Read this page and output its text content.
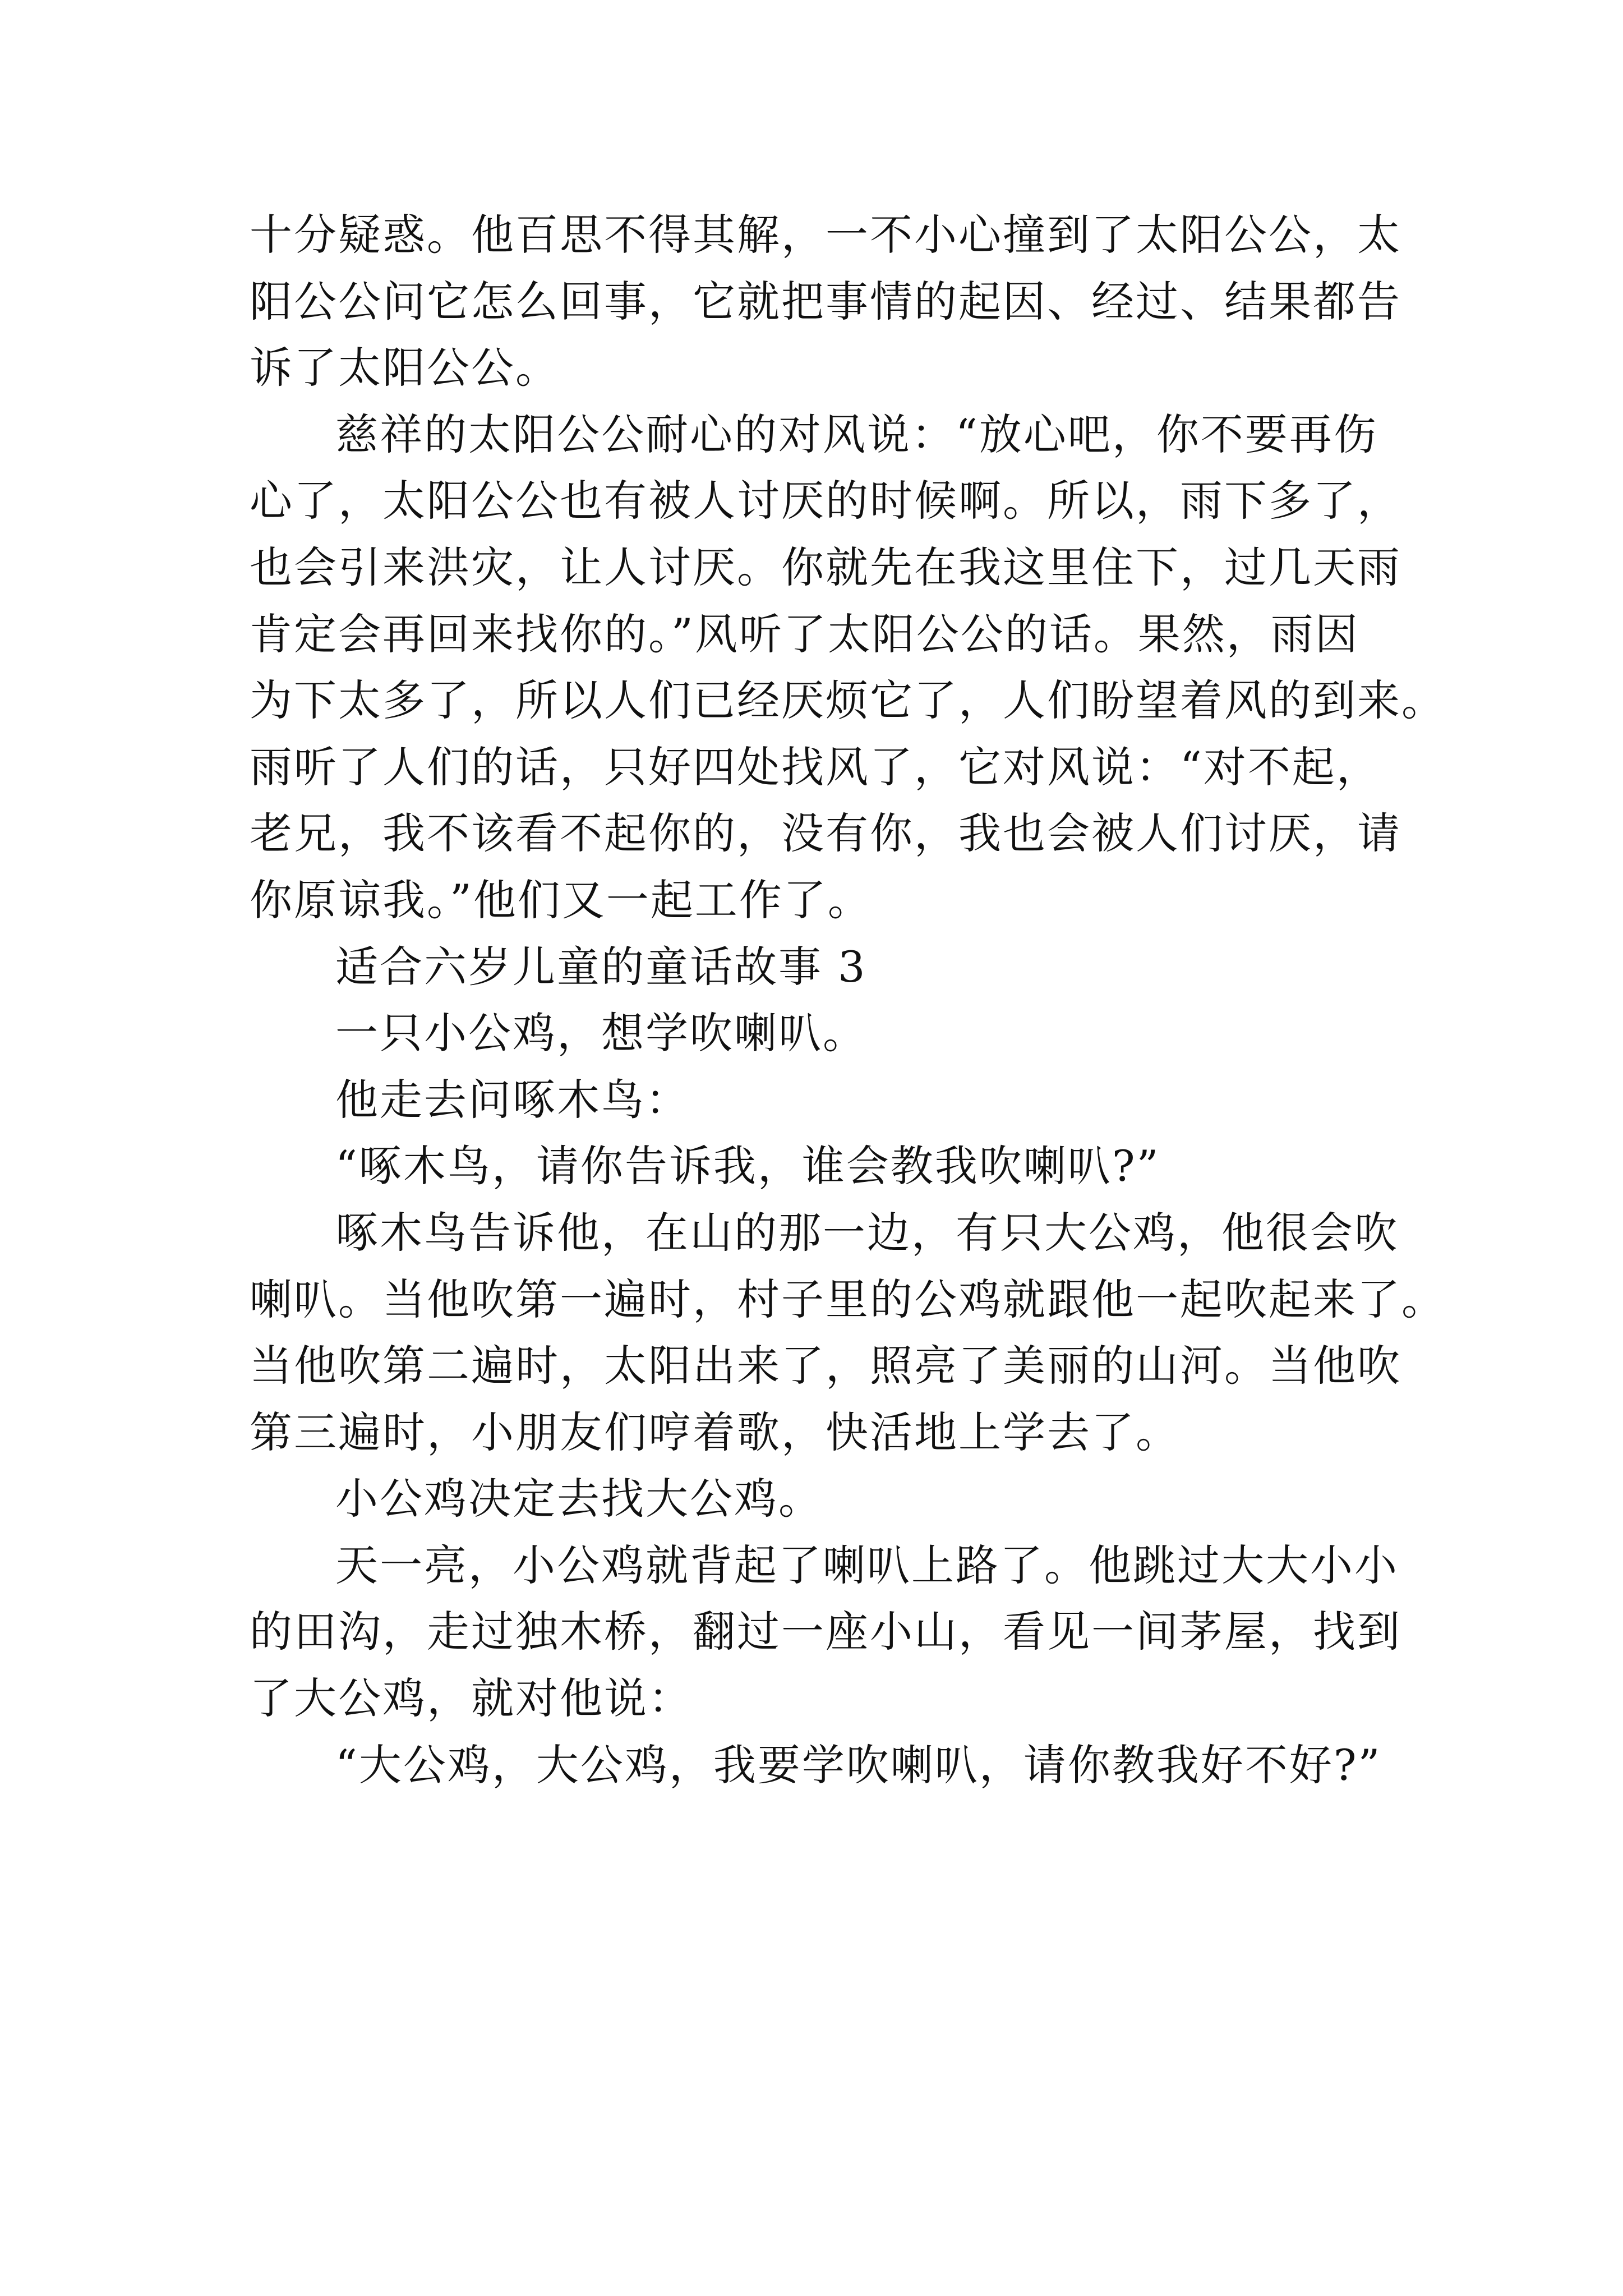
十分疑惑。他百思不得其解，一不小心撞到了太阳公公，太
阳公公问它怎么回事，它就把事情的起因、经过、结果都告
诉了太阳公公。
慈祥的太阳公公耐心的对风说：“放心吧，你不要再伤
心了，太阳公公也有被人讨厌的时候啊。所以，雨下多了，
也会引来洪灾，让人讨厌。你就先在我这里住下，过几天雨
肯定会再回来找你的。”风听了太阳公公的话。果然，雨因
为下太多了，所以人们已经厌烦它了，人们盼望着风的到来。
雨听了人们的话，只好四处找风了，它对风说：“对不起，
老兄，我不该看不起你的，没有你，我也会被人们讨厌，请
你原谅我。”他们又一起工作了。
适合六岁儿童的童话故事 3
一只小公鸡，想学吹喇叭。
他走去问啄木鸟：
“啄木鸟，请你告诉我，谁会教我吹喇叭?”
啄木鸟告诉他，在山的那一边，有只大公鸡，他很会吹
喇叭。当他吹第一遍时，村子里的公鸡就跟他一起吹起来了。
当他吹第二遍时，太阳出来了，照亮了美丽的山河。当他吹
第三遍时，小朋友们哼着歌，快活地上学去了。
小公鸡决定去找大公鸡。
天一亮，小公鸡就背起了喇叭上路了。他跳过大大小小
的田沟，走过独木桥，翻过一座小山，看见一间茅屋，找到
了大公鸡，就对他说：
“大公鸡，大公鸡，我要学吹喇叭，请你教我好不好?”
